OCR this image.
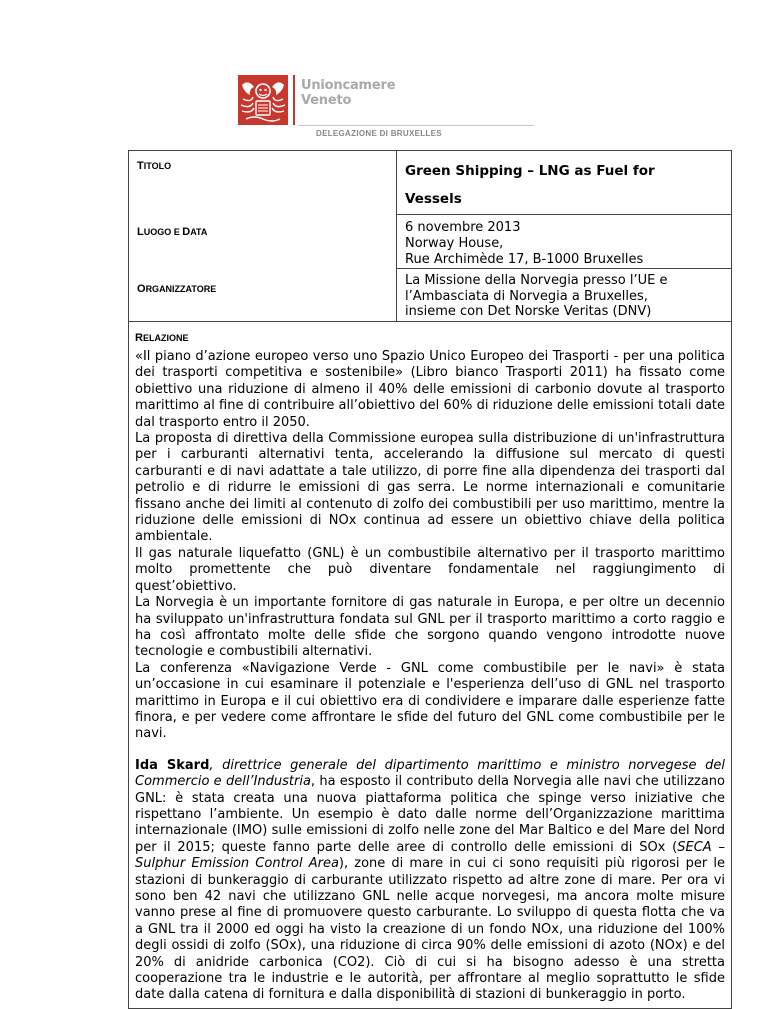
Unioncamere
Veneto
DELEGAZIONE DI BRUXELLES
TITOLO	Green Shipping – LNG as Fuel for
Vessels
LUOGO E DATA	6 novembre 2013
Norway House,
Rue Archimède 17, B-1000 Bruxelles
ORGANIZZATORE
La Missione della Norvegia presso l’UE e
l’Ambasciata di Norvegia a Bruxelles,
insieme con Det Norske Veritas (DNV)
RELAZIONE

«Il piano d’azione europeo verso uno Spazio Unico Europeo dei Trasporti - per una politica dei trasporti competitiva e sostenibile» (Libro bianco Trasporti 2011) ha fissato come obiettivo una riduzione di almeno il 40% delle emissioni di carbonio dovute al trasporto marittimo al fine di contribuire all’obiettivo del 60% di riduzione delle emissioni totali date dal trasporto entro il 2050.

La proposta di direttiva della Commissione europea sulla distribuzione di un'infrastruttura per i carburanti alternativi tenta, accelerando la diffusione sul mercato di questi carburanti e di navi adattate a tale utilizzo, di porre fine alla dipendenza dei trasporti dal petrolio e di ridurre le emissioni di gas serra. Le norme internazionali e comunitarie fissano anche dei limiti al contenuto di zolfo dei combustibili per uso marittimo, mentre la riduzione delle emissioni di NOx continua ad essere un obiettivo chiave della politica ambientale.

Il gas naturale liquefatto (GNL) è un combustibile alternativo per il trasporto marittimo molto promettente che può diventare fondamentale nel raggiungimento di quest’obiettivo.

La Norvegia è un importante fornitore di gas naturale in Europa, e per oltre un decennio ha sviluppato un'infrastruttura fondata sul GNL per il trasporto marittimo a corto raggio e ha così affrontato molte delle sfide che sorgono quando vengono introdotte nuove tecnologie e combustibili alternativi.

La conferenza «Navigazione Verde - GNL come combustibile per le navi» è stata un’occasione in cui esaminare il potenziale e l'esperienza dell’uso di GNL nel trasporto marittimo in Europa e il cui obiettivo era di condividere e imparare dalle esperienze fatte finora, e per vedere come affrontare le sfide del futuro del GNL come combustibile per le navi.

Ida Skard, direttrice generale del dipartimento marittimo e ministro norvegese del Commercio e dell’Industria, ha esposto il contributo della Norvegia alle navi che utilizzano GNL: è stata creata una nuova piattaforma politica che spinge verso iniziative che rispettano l’ambiente. Un esempio è dato dalle norme dell’Organizzazione marittima internazionale (IMO) sulle emissioni di zolfo nelle zone del Mar Baltico e del Mare del Nord per il 2015; queste fanno parte delle aree di controllo delle emissioni di SOx (SECA – Sulphur Emission Control Area), zone di mare in cui ci sono requisiti più rigorosi per le stazioni di bunkeraggio di carburante utilizzato rispetto ad altre zone di mare. Per ora vi sono ben 42 navi che utilizzano GNL nelle acque norvegesi, ma ancora molte misure vanno prese al fine di promuovere questo carburante. Lo sviluppo di questa flotta che va a GNL tra il 2000 ed oggi ha visto la creazione di un fondo NOx, una riduzione del 100% degli ossidi di zolfo (SOx), una riduzione di circa 90% delle emissioni di azoto (NOx) e del 20% di anidride carbonica (CO2). Ciò di cui si ha bisogno adesso è una stretta cooperazione tra le industrie e le autorità, per affrontare al meglio soprattutto le sfide date dalla catena di fornitura e dalla disponibilità di stazioni di bunkeraggio in porto.
